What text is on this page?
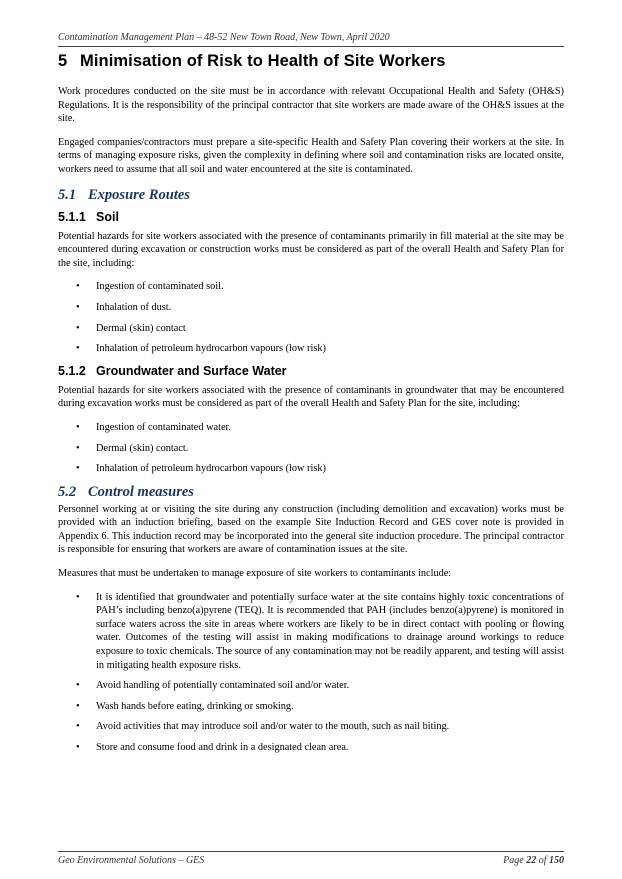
Contamination Management Plan – 48-52 New Town Road, New Town, April 2020
5 Minimisation of Risk to Health of Site Workers

Work procedures conducted on the site must be in accordance with relevant Occupational Health and Safety (OH&S) Regulations. It is the responsibility of the principal contractor that site workers are made aware of the OH&S issues at the site.

Engaged companies/contractors must prepare a site-specific Health and Safety Plan covering their workers at the site. In terms of managing exposure risks, given the complexity in defining where soil and contamination risks are located onsite, workers need to assume that all soil and water encountered at the site is contaminated.

5.1 Exposure Routes
5.1.1 Soil

Potential hazards for site workers associated with the presence of contaminants primarily in fill material at the site may be encountered during excavation or construction works must be considered as part of the overall Health and Safety Plan for the site, including:

• Ingestion of contaminated soil.
• Inhalation of dust.
• Dermal (skin) contact
• Inhalation of petroleum hydrocarbon vapours (low risk)
5.1.2 Groundwater and Surface Water

Potential hazards for site workers associated with the presence of contaminants in groundwater that may be encountered during excavation works must be considered as part of the overall Health and Safety Plan for the site, including:

• Ingestion of contaminated water.
• Dermal (skin) contact.
• Inhalation of petroleum hydrocarbon vapours (low risk)
5.2 Control measures

Personnel working at or visiting the site during any construction (including demolition and excavation) works must be provided with an induction briefing, based on the example Site Induction Record and GES cover note is provided in Appendix 6. This induction record may be incorporated into the general site induction procedure. The principal contractor is responsible for ensuring that workers are aware of contamination issues at the site.

Measures that must be undertaken to manage exposure of site workers to contaminants include:

• It is identified that groundwater and potentially surface water at the site contains highly toxic concentrations of PAH’s including benzo(a)pyrene (TEQ). It is recommended that PAH (includes benzo(a)pyrene) is monitored in surface waters across the site in areas where workers are likely to be in direct contact with pooling or flowing water. Outcomes of the testing will assist in making modifications to drainage around workings to reduce exposure to toxic chemicals. The source of any contamination may not be readily apparent, and testing will assist in mitigating health exposure risks.
• Avoid handling of potentially contaminated soil and/or water.
• Wash hands before eating, drinking or smoking.
• Avoid activities that may introduce soil and/or water to the mouth, such as nail biting.
• Store and consume food and drink in a designated clean area.
Geo Environmental Solutions – GES	Page 22 of 150
